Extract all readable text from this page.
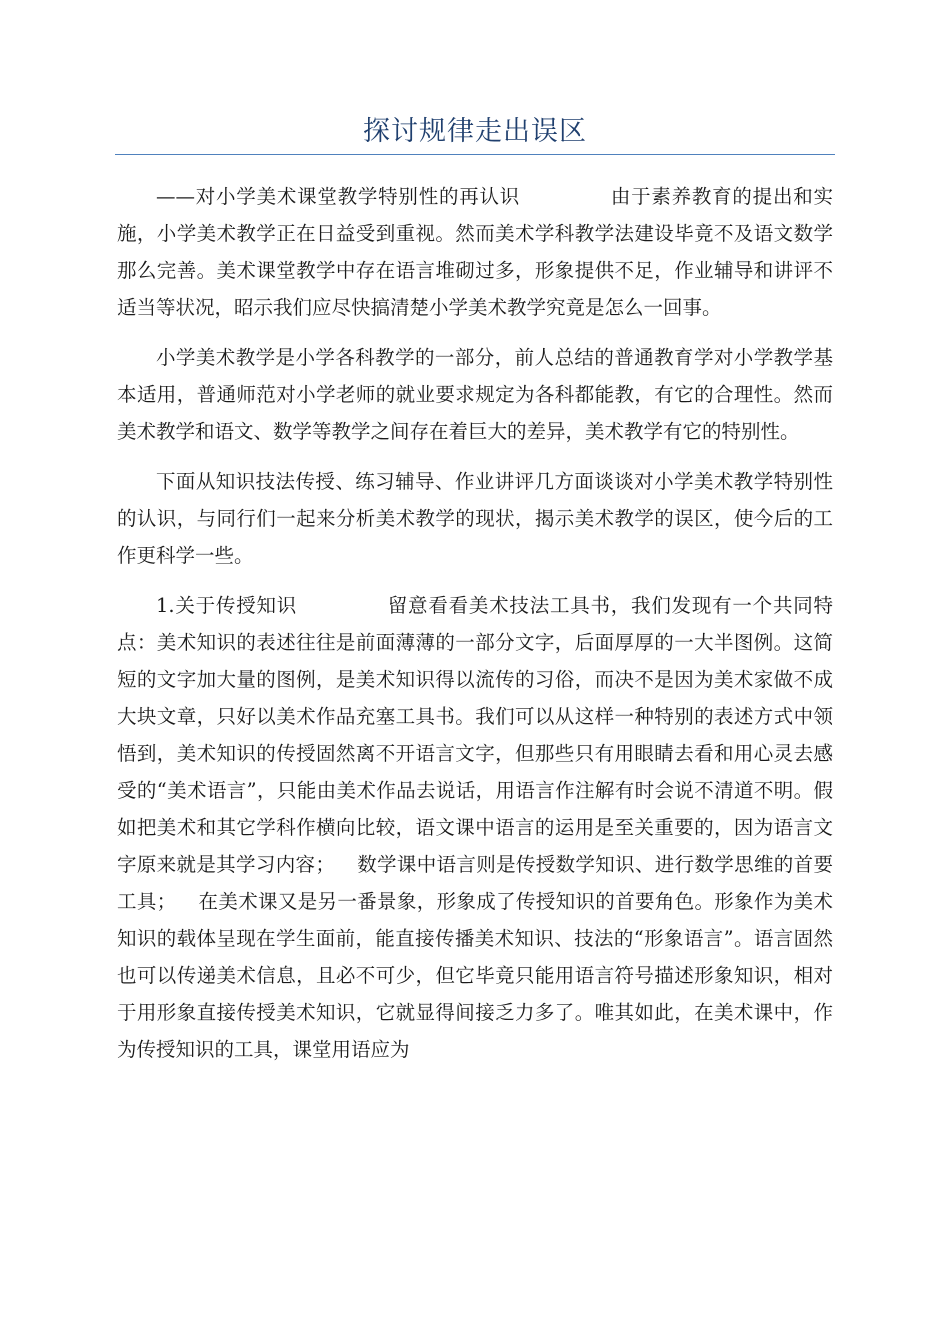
探讨规律走出误区

——对小学美术课堂教学特别性的再认识	由于素养教育的提出和实施，小学美术教学正在日益受到重视。然而美术学科教学法建设毕竟不及语文数学那么完善。美术课堂教学中存在语言堆砌过多，形象提供不足，作业辅导和讲评不适当等状况，昭示我们应尽快搞清楚小学美术教学究竟是怎么一回事。

小学美术教学是小学各科教学的一部分，前人总结的普通教育学对小学教学基本适用，普通师范对小学老师的就业要求规定为各科都能教，有它的合理性。然而美术教学和语文、数学等教学之间存在着巨大的差异，美术教学有它的特别性。

下面从知识技法传授、练习辅导、作业讲评几方面谈谈对小学美术教学特别性的认识，与同行们一起来分析美术教学的现状，揭示美术教学的误区，使今后的工作更科学一些。

1.关于传授知识	留意看看美术技法工具书，我们发现有一个共同特点：美术知识的表述往往是前面薄薄的一部分文字，后面厚厚的一大半图例。这简短的文字加大量的图例，是美术知识得以流传的习俗，而决不是因为美术家做不成大块文章，只好以美术作品充塞工具书。我们可以从这样一种特别的表述方式中领悟到，美术知识的传授固然离不开语言文字，但那些只有用眼睛去看和用心灵去感受的“美术语言”，只能由美术作品去说话，用语言作注解有时会说不清道不明。假如把美术和其它学科作横向比较，语文课中语言的运用是至关重要的，因为语言文字原来就是其学习内容； 数学课中语言则是传授数学知识、进行数学思维的首要工具； 在美术课又是另一番景象，形象成了传授知识的首要角色。形象作为美术知识的载体呈现在学生面前，能直接传播美术知识、技法的“形象语言”。语言固然也可以传递美术信息，且必不可少，但它毕竟只能用语言符号描述形象知识，相对于用形象直接传授美术知识，它就显得间接乏力多了。唯其如此，在美术课中，作为传授知识的工具，课堂用语应为
